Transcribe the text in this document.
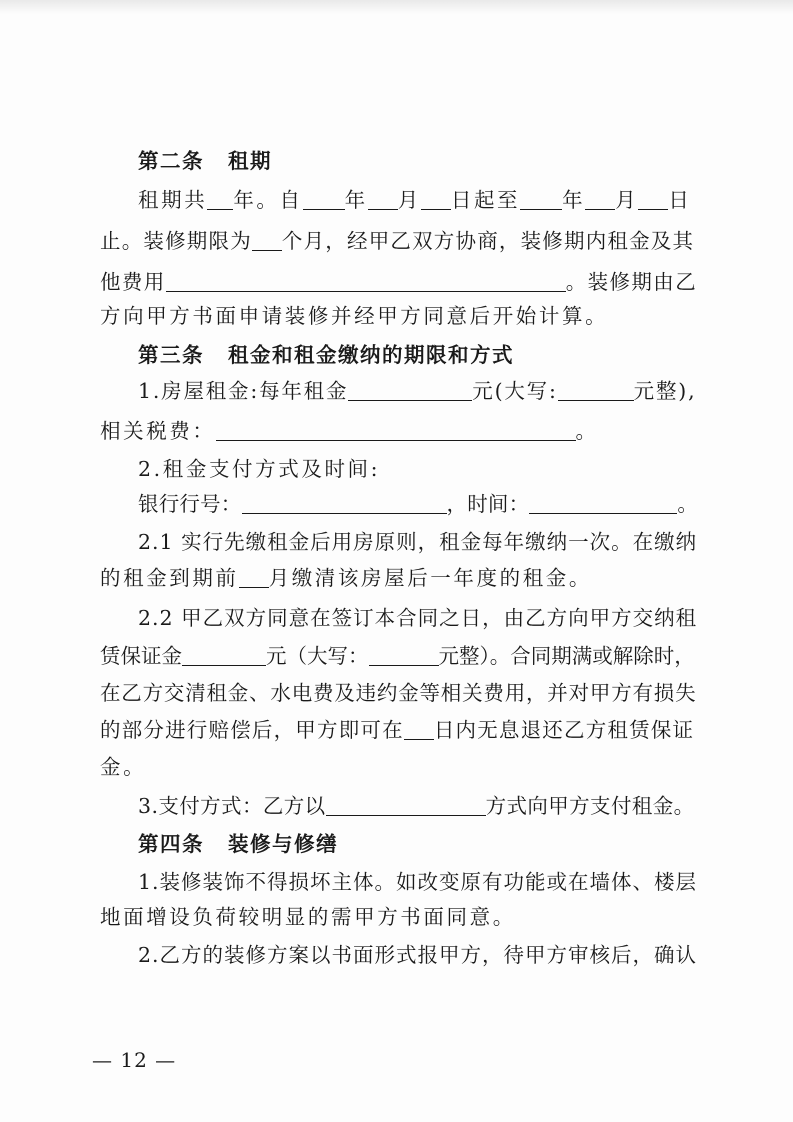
第二条 租期
租期共 年。自 年 月 日起至 年 月 日
止。装修期限为 个月，经甲乙双方协商，装修期内租金及其
他费用	。装修期由乙
方向甲方书面申请装修并经甲方同意后开始计算。
第三条 租金和租金缴纳的期限和方式
1.房屋租金:每年租金	元(大写:	元整),
相关税费：	。
2.租金支付方式及时间:
银行行号：	，时间：	。
2.1 实行先缴租金后用房原则，租金每年缴纳一次。在缴纳
的租金到期前 月缴清该房屋后一年度的租金。
2.2 甲乙双方同意在签订本合同之日，由乙方向甲方交纳租
赁保证金	元（大写：	元整）。合同期满或解除时，
在乙方交清租金、水电费及违约金等相关费用，并对甲方有损失
的部分进行赔偿后，甲方即可在 日内无息退还乙方租赁保证
金。
3.支付方式：乙方以	方式向甲方支付租金。
第四条 装修与修缮
1.装修装饰不得损坏主体。如改变原有功能或在墙体、楼层
地面增设负荷较明显的需甲方书面同意。
2.乙方的装修方案以书面形式报甲方，待甲方审核后，确认
— 12 —
